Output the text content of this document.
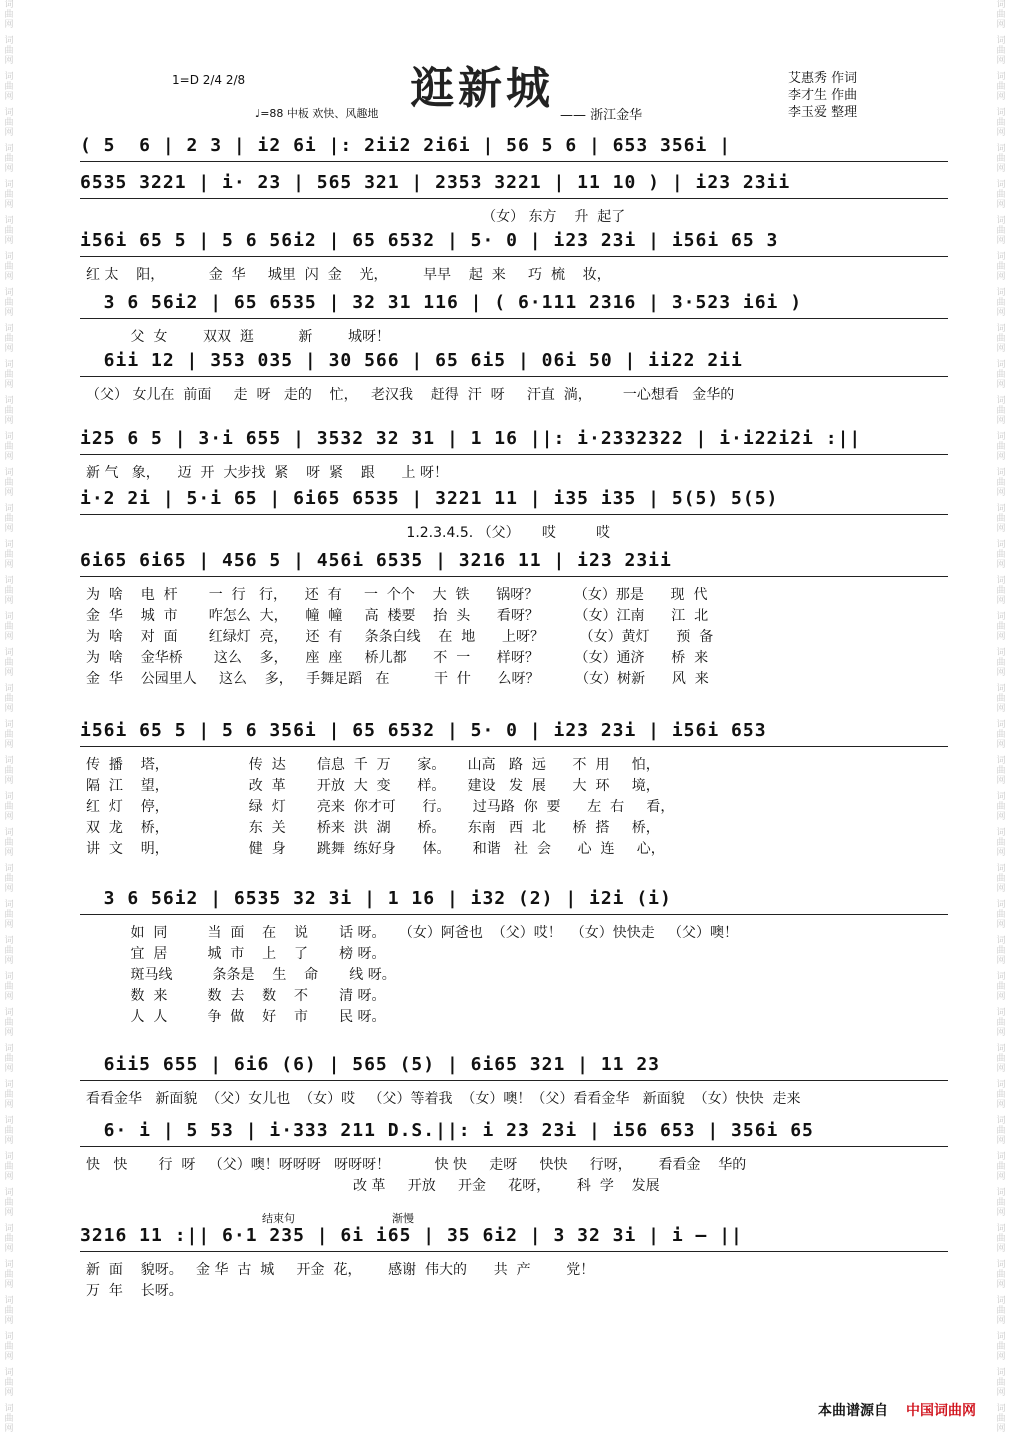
词
曲
网
词
曲
网
词
曲
网
词
曲
网
词
曲
网
词
曲
网
词
曲
网
词
曲
网
词
曲
网
词
曲
网
词
曲
网
词
曲
网
词
曲
网
词
曲
网
词
曲
网
词
曲
网
词
曲
网
词
曲
网
词
曲
网
词
曲
网
词
曲
网
词
曲
网
词
曲
网
词
曲
网
词
曲
网
词
曲
网
词
曲
网
词
曲
网
词
曲
网
词
曲
网
词
曲
网
词
曲
网
词
曲
网
词
曲
网
词
曲
网
词
曲
网
词
曲
网
词
曲
网
词
曲
网
词
曲
网
词
曲
网
词
曲
网
词
曲
网
词
曲
网
词
曲
网
词
曲
网
词
曲
网
词
曲
网
词
曲
网
词
曲
网
词
曲
网
词
曲
网
词
曲
网
词
曲
网
词
曲
网
词
曲
网
词
曲
网
词
曲
网
词
曲
网
词
曲
网
词
曲
网
词
曲
网
词
曲
网
词
曲
网
词
曲
网
词
曲
网
词
曲
网
词
曲
网
词
曲
网
词
曲
网
词
曲
网
词
曲
网
词
曲
网
词
曲
网
词
曲
网
词
曲
网
词
曲
网
词
曲
网
词
曲
网
词
曲
网
1=D 2/4 2/8
♩=88 中板 欢快、风趣地 逛新城
—— 浙江金华
艾惠秀 作词
李才生 作曲
李玉爱 整理
( 5  6 | 2 3 | i2 6i |: 2ii2 2i6i | 56 5 6 | 653 356i |
6535 3221 | i· 23 | 565 321 | 2353 3221 | 11 10 ) | i23 23ii
（女） 东方    升  起了
i56i 65 5 | 5 6 56i2 | 65 6532 | 5· 0 | i23 23i | i56i 65 3
红 太    阳，          金  华     城里  闪  金    光，        早早    起  来     巧  梳    妆，
3 6 56i2 | 65 6535 | 32 31 116 | ( 6·111 2316 | 3·523 i6i )
父  女        双双  逛          新        城呀！
6ii 12 | 353 035 | 30 566 | 65 6i5 | 06i 50 | ii22 2ii
（父） 女儿在  前面     走  呀   走的    忙，   老汉我    赶得  汗  呀     汗直  淌，       一心想看   金华的
i25 6 5 | 3·i 655 | 3532 32 31 | 1 16 ||: i·2332322 | i·i22i2i :||
新 气   象，    迈  开  大步找  紧    呀  紧    跟      上 呀！
i·2 2i | 5·i 65 | 6i65 6535 | 3221 11 | i35 i35 | 5(5) 5(5)
1.2.3.4.5. （父）     哎         哎
6i65 6i65 | 456 5 | 456i 6535 | 3216 11 | i23 23ii
为  啥    电  杆       一  行   行，    还  有     一  个个    大  铁      锅呀？        （女）那是      现  代
金  华    城  市       咋怎么  大，    幢  幢     高  楼要    抬  头      看呀？        （女）江南      江  北
为  啥    对  面       红绿灯  亮，    还  有     条条白线    在  地      上呀？        （女）黄灯      预  备
为  啥    金华桥       这么    多，    座  座     桥儿都      不  一      样呀？        （女）通济      桥  来
金  华    公园里人     这么    多，   手舞足蹈   在          干  什      么呀？        （女）树新      风  来
i56i 65 5 | 5 6 356i | 65 6532 | 5· 0 | i23 23i | i56i 653
传  播    塔，                  传  达       信息  千  万      家。     山高   路  远      不  用     怕，
隔  江    望，                  改  革       开放  大  变      样。     建设   发  展      大  环     境，
红  灯    停，                  绿  灯       亮来  你才可      行。     过马路  你  要      左  右     看，
双  龙    桥，                  东  关       桥来  洪  湖      桥。     东南   西  北      桥  搭     桥，
讲  文    明，                  健  身       跳舞  练好身      体。     和谐   社  会      心  连     心，
3 6 56i2 | 6535 32 3i | 1 16 | i32 (2) | i2i (i)
如  同         当  面    在    说       话 呀。   （女）阿爸也  （父）哎！  （女）快快走   （父）噢！
宜  居         城  市    上    了       榜 呀。
斑马线         条条是    生    命       线 呀。
数  来         数  去    数    不       清 呀。
人  人         争  做    好    市       民 呀。
6ii5 655 | 6i6 (6) | 565 (5) | 6i65 321 | 11 23
看看金华   新面貌  （父）女儿也  （女）哎   （父）等着我  （女）噢！（父）看看金华   新面貌  （女）快快  走来
6· i | 5 53 | i·333 211 D.S.||: i 23 23i | i56 653 | 356i 65
快   快       行  呀   （父）噢！呀呀呀   呀呀呀！          快 快     走呀     快快     行呀，      看看金    华的
改 革     开放     开金     花呀，      科  学    发展
3216 11 :|| 6·1 235 | 6i i65 | 35 6i2 | 3 32 3i | i — ||
新  面    貌呀。   金 华  古  城     开金  花，      感谢  伟大的      共  产        党！
万  年    长呀。
结束句	渐慢
本曲谱源自 中国词曲网
